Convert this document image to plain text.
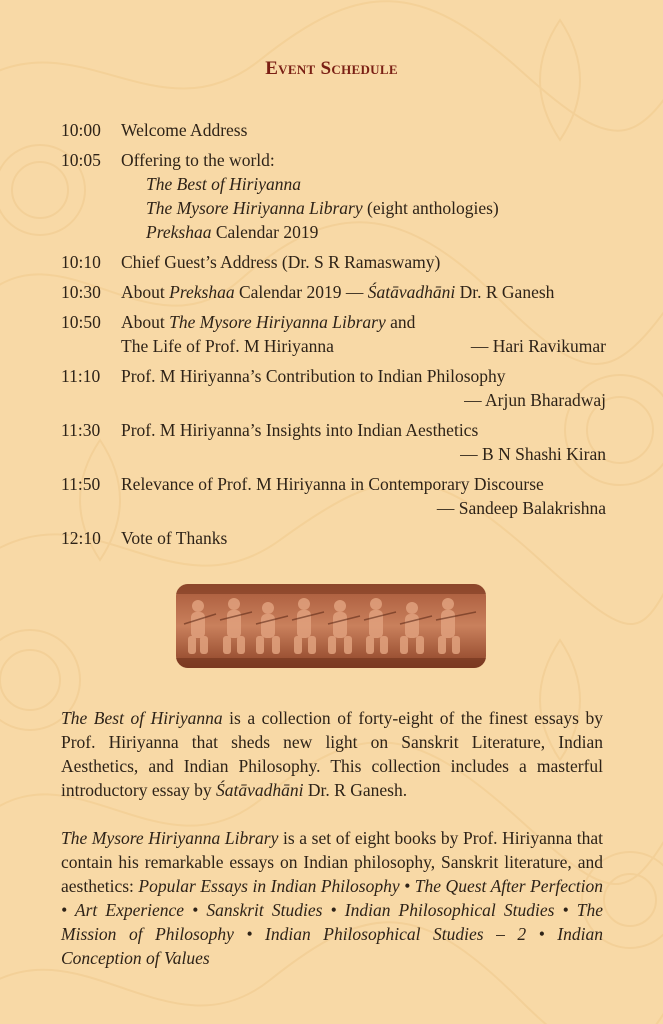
Event Schedule
10:00	Welcome Address
10:05	Offering to the world:
The Best of Hiriyanna
The Mysore Hiriyanna Library (eight anthologies)
Prekshaa Calendar 2019
10:10	Chief Guest’s Address (Dr. S R Ramaswamy)
10:30	About Prekshaa Calendar 2019 — Śatāvadhāni Dr. R Ganesh
10:50	About The Mysore Hiriyanna Library and
The Life of Prof. M Hiriyanna	— Hari Ravikumar
11:10	Prof. M Hiriyanna’s Contribution to Indian Philosophy
— Arjun Bharadwaj
11:30	Prof. M Hiriyanna’s Insights into Indian Aesthetics
— B N Shashi Kiran
11:50	Relevance of Prof. M Hiriyanna in Contemporary Discourse
— Sandeep Balakrishna
12:10	Vote of Thanks
The Best of Hiriyanna is a collection of forty-eight of the finest essays by Prof. Hiriyanna that sheds new light on Sanskrit Literature, Indian Aesthetics, and Indian Philosophy. This collection includes a masterful introductory essay by Śatāvadhāni Dr. R Ganesh.
The Mysore Hiriyanna Library is a set of eight books by Prof. Hiriyanna that contain his remarkable essays on Indian philosophy, Sanskrit literature, and aesthetics: Popular Essays in Indian Philosophy • The Quest After Perfection • Art Experience • Sanskrit Studies • Indian Philosophical Studies • The Mission of Philosophy • Indian Philosophical Studies – 2 • Indian Conception of Values
